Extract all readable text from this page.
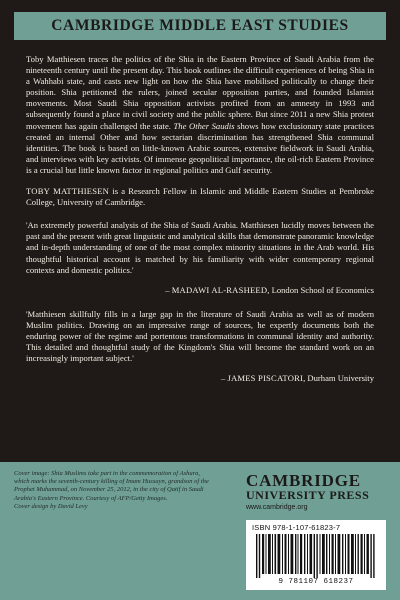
CAMBRIDGE MIDDLE EAST STUDIES

Toby Matthiesen traces the politics of the Shia in the Eastern Province of Saudi Arabia from the nineteenth century until the present day. This book outlines the difficult experiences of being Shia in a Wahhabi state, and casts new light on how the Shia have mobilised politically to change their position. Shia petitioned the rulers, joined secular opposition parties, and founded Islamist movements. Most Saudi Shia opposition activists profited from an amnesty in 1993 and subsequently found a place in civil society and the public sphere. But since 2011 a new Shia protest movement has again challenged the state. The Other Saudis shows how exclusionary state practices created an internal Other and how sectarian discrimination has strengthened Shia communal identities. The book is based on little-known Arabic sources, extensive fieldwork in Saudi Arabia, and interviews with key activists. Of immense geopolitical importance, the oil-rich Eastern Province is a crucial but little known factor in regional politics and Gulf security.

TOBY MATTHIESEN is a Research Fellow in Islamic and Middle Eastern Studies at Pembroke College, University of Cambridge.

'An extremely powerful analysis of the Shia of Saudi Arabia. Matthiesen lucidly moves between the past and the present with great linguistic and analytical skills that demonstrate panoramic knowledge and in-depth understanding of one of the most complex minority situations in the Arab world. His thoughtful historical account is matched by his familiarity with wider contemporary regional contexts and domestic politics.'

– MADAWI AL-RASHEED, London School of Economics

'Matthiesen skillfully fills in a large gap in the literature of Saudi Arabia as well as of modern Muslim politics. Drawing on an impressive range of sources, he expertly documents both the enduring power of the regime and portentous transformations in communal identity and authority. This detailed and thoughtful study of the Kingdom's Shia will become the standard work on an increasingly important subject.'

– JAMES PISCATORI, Durham University

Cover image: Shia Muslims take part in the commemoration of Ashura, which marks the seventh-century killing of Imam Hussayn, grandson of the Prophet Muhammad, on November 25, 2012, in the city of Qatif in Saudi Arabia's Eastern Province. Courtesy of AFP/Getty Images.
Cover design by David Levy
CAMBRIDGE
UNIVERSITY PRESS
www.cambridge.org
ISBN 978-1-107-61823-7
9 781107 618237
